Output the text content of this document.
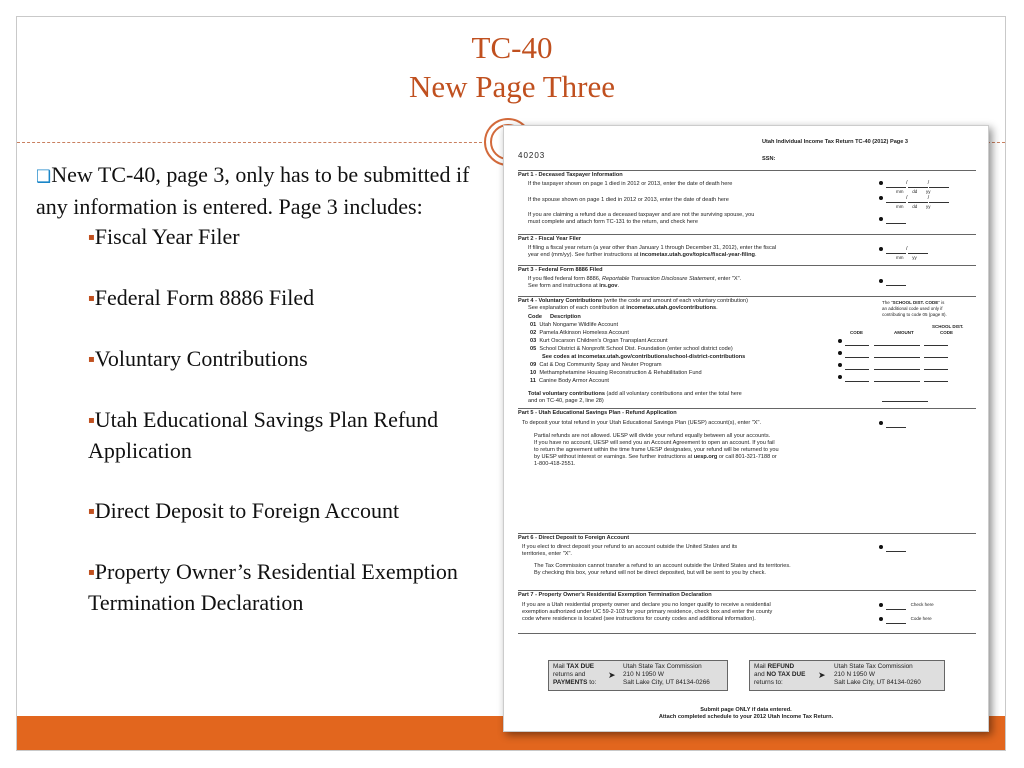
TC-40
New Page Three

❑New TC-40, page 3, only has to be submitted if any information is entered. Page 3 includes:

▪Fiscal Year Filer

▪Federal Form 8886 Filed

▪Voluntary Contributions

▪Utah Educational Savings Plan Refund Application

▪Direct Deposit to Foreign Account

▪Property Owner’s Residential Exemption Termination Declaration

40203
Utah Individual Income Tax Return TC-40 (2012) Page 3
SSN:
Part 1 - Deceased Taxpayer Information
If the taxpayer shown on page 1 died in 2012 or 2013, enter the date of death here
If the spouse shown on page 1 died in 2012 or 2013, enter the date of death here
If you are claiming a refund due a deceased taxpayer and are not the surviving spouse, you
must complete and attach form TC-131 to the return, and check here
/	/
mm dd yy
/	/
mm dd yy
Part 2 - Fiscal Year Filer
If filing a fiscal year return (a year other than January 1 through December 31, 2012), enter the fiscal
year end (mm/yy). See further instructions at incometax.utah.gov/topics/fiscal-year-filing.
/
mm yy
Part 3 - Federal Form 8886 Filed
If you filed federal form 8886, Reportable Transaction Disclosure Statement, enter "X".
See form and instructions at irs.gov.
Part 4 - Voluntary Contributions (write the code and amount of each voluntary contribution)
See explanation of each contribution at incometax.utah.gov/contributions.
The "SCHOOL DIST. CODE" is
an additional code used only if
contributing to code 05 (page 8).
Code Description
CODE	AMOUNT
SCHOOL DIST.
CODE
01 Utah Nongame Wildlife Account
02 Pamela Atkinson Homeless Account
03 Kurt Oscarson Children's Organ Transplant Account
05 School District & Nonprofit School Dist. Foundation (enter school district code)
See codes at incometax.utah.gov/contributions/school-district-contributions
09 Cat & Dog Community Spay and Neuter Program
10 Methamphetamine Housing Reconstruction & Rehabilitation Fund
11 Canine Body Armor Account

Total voluntary contributions (add all voluntary contributions and enter the total here
and on TC-40, page 2, line 28)
Part 5 - Utah Educational Savings Plan - Refund Application
To deposit your total refund in your Utah Educational Savings Plan (UESP) account(s), enter "X".
Partial refunds are not allowed. UESP will divide your refund equally between all your accounts.
If you have no account, UESP will send you an Account Agreement to open an account. If you fail
to return the agreement within the time frame UESP designates, your refund will be returned to you
by UESP without interest or earnings. See further instructions at uesp.org or call 801-321-7188 or
1-800-418-2551.
Part 6 - Direct Deposit to Foreign Account
If you elect to direct deposit your refund to an account outside the United States and its
territories, enter "X".
The Tax Commission cannot transfer a refund to an account outside the United States and its territories.
By checking this box, your refund will not be direct deposited, but will be sent to you by check.
Part 7 - Property Owner's Residential Exemption Termination Declaration
If you are a Utah residential property owner and declare you no longer qualify to receive a residential
exemption authorized under UC 59-2-103 for your primary residence, check box and enter the county
code where residence is located (see instructions for county codes and additional information).
Check here
Code here
Mail TAX DUE
returns and
PAYMENTS to:
➤
Utah State Tax Commission
210 N 1950 W
Salt Lake City, UT 84134-0266
Mail REFUND
and NO TAX DUE
returns to:
➤
Utah State Tax Commission
210 N 1950 W
Salt Lake City, UT 84134-0260
Submit page ONLY if data entered.
Attach completed schedule to your 2012 Utah Income Tax Return.
